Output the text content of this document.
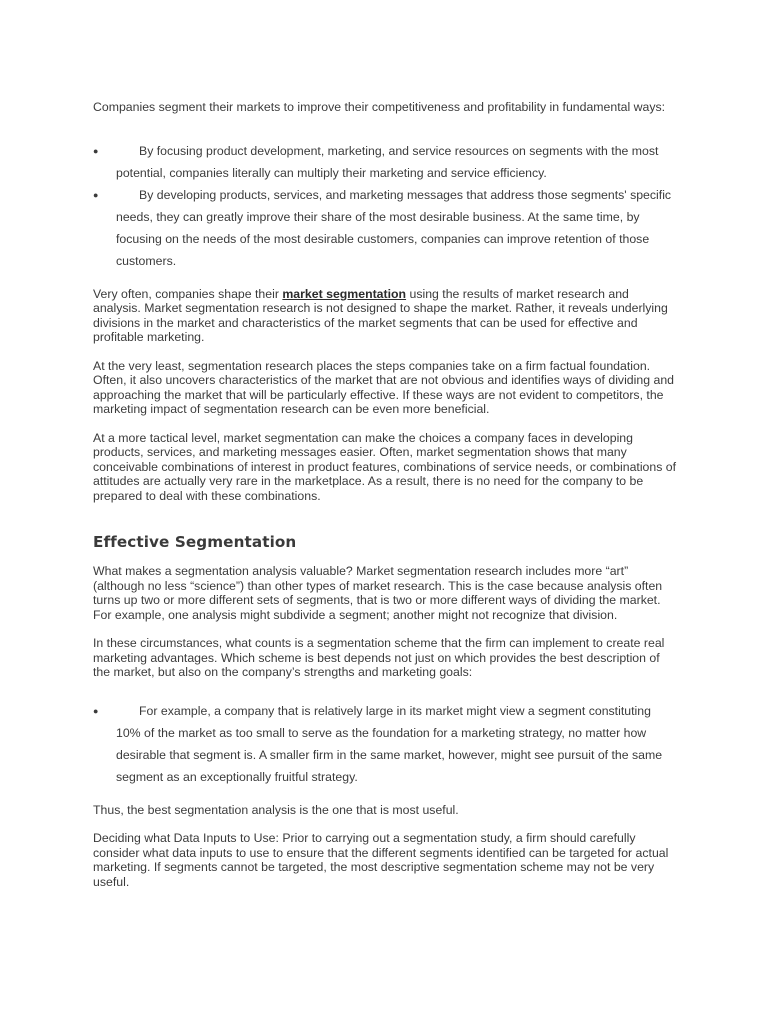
Companies segment their markets to improve their competitiveness and profitability in fundamental ways:

●	By focusing product development, marketing, and service resources on segments with the most potential, companies literally can multiply their marketing and service efficiency.
●	By developing products, services, and marketing messages that address those segments' specific needs, they can greatly improve their share of the most desirable business. At the same time, by focusing on the needs of the most desirable customers, companies can improve retention of those customers.

Very often, companies shape their market segmentation using the results of market research and analysis. Market segmentation research is not designed to shape the market. Rather, it reveals underlying divisions in the market and characteristics of the market segments that can be used for effective and profitable marketing.

At the very least, segmentation research places the steps companies take on a firm factual foundation. Often, it also uncovers characteristics of the market that are not obvious and identifies ways of dividing and approaching the market that will be particularly effective. If these ways are not evident to competitors, the marketing impact of segmentation research can be even more beneficial.

At a more tactical level, market segmentation can make the choices a company faces in developing products, services, and marketing messages easier. Often, market segmentation shows that many conceivable combinations of interest in product features, combinations of service needs, or combinations of attitudes are actually very rare in the marketplace. As a result, there is no need for the company to be prepared to deal with these combinations.

Effective Segmentation

What makes a segmentation analysis valuable? Market segmentation research includes more “art” (although no less “science”) than other types of market research. This is the case because analysis often turns up two or more different sets of segments, that is two or more different ways of dividing the market. For example, one analysis might subdivide a segment; another might not recognize that division.

In these circumstances, what counts is a segmentation scheme that the firm can implement to create real marketing advantages. Which scheme is best depends not just on which provides the best description of the market, but also on the company’s strengths and marketing goals:

●	For example, a company that is relatively large in its market might view a segment constituting 10% of the market as too small to serve as the foundation for a marketing strategy, no matter how desirable that segment is. A smaller firm in the same market, however, might see pursuit of the same segment as an exceptionally fruitful strategy.

Thus, the best segmentation analysis is the one that is most useful.

Deciding what Data Inputs to Use: Prior to carrying out a segmentation study, a firm should carefully consider what data inputs to use to ensure that the different segments identified can be targeted for actual marketing. If segments cannot be targeted, the most descriptive segmentation scheme may not be very useful.
